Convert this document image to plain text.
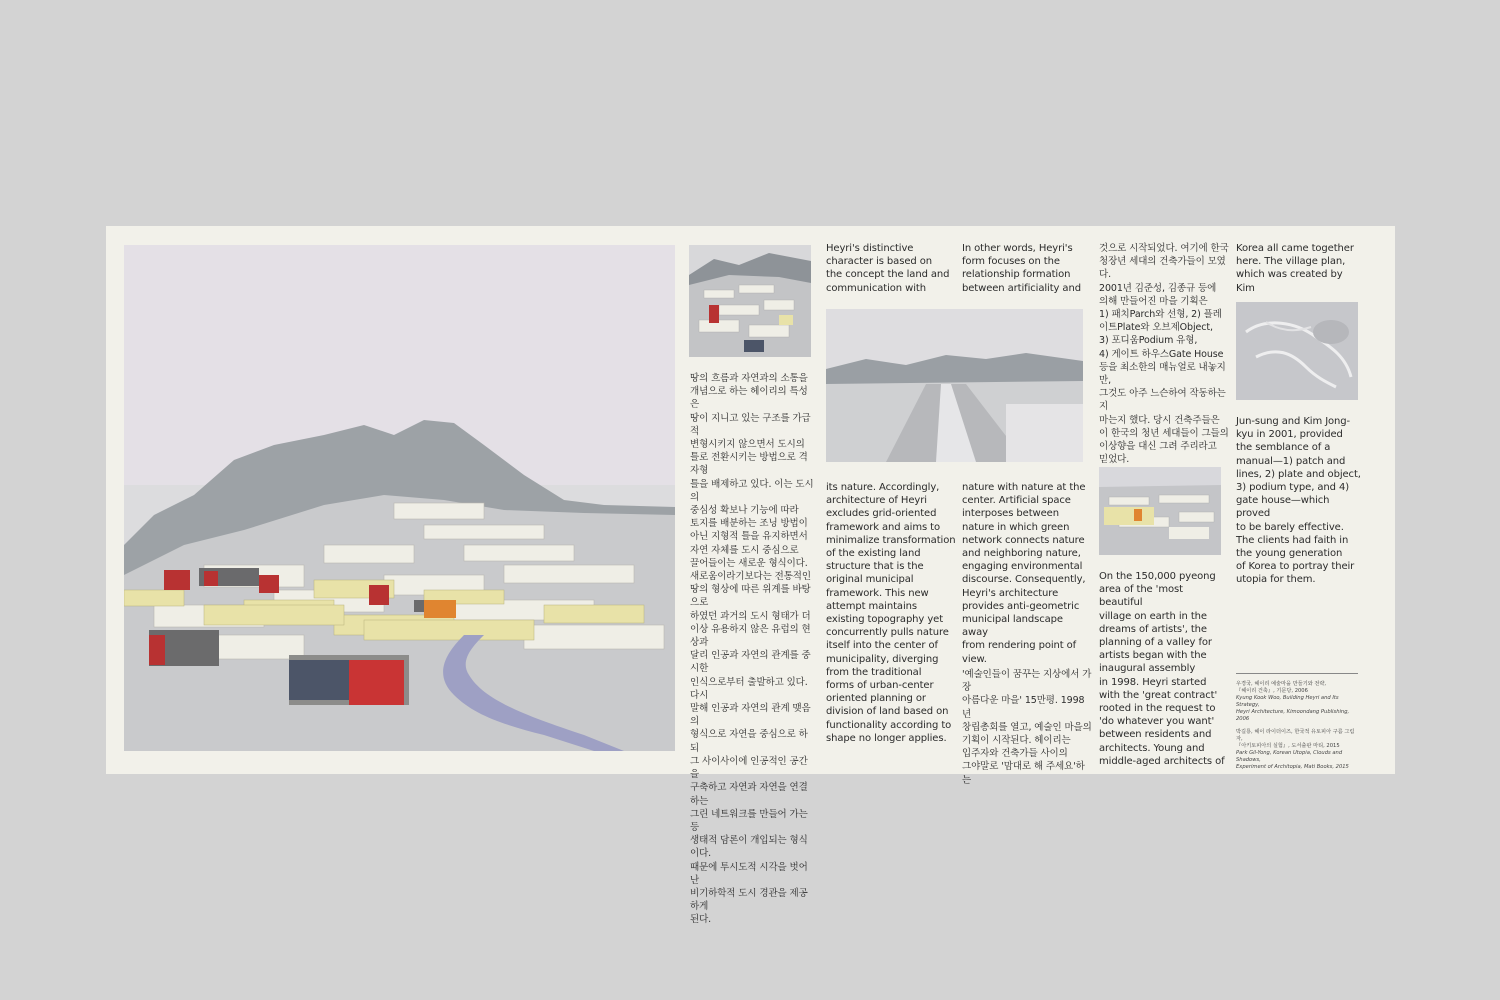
땅의 흐름과 자연과의 소통을
개념으로 하는 헤이리의 특성은
땅이 지니고 있는 구조를 가급적
변형시키지 않으면서 도시의
틀로 전환시키는 방법으로 격자형
틀을 배제하고 있다. 이는 도시의
중심성 확보나 기능에 따라
토지를 배분하는 조닝 방법이
아닌 지형적 틀을 유지하면서
자연 자체를 도시 중심으로
끌어들이는 새로운 형식이다.
새로움이라기보다는 전통적인
땅의 형상에 따른 위계를 바탕으로
하였던 과거의 도시 형태가 더
이상 유용하지 않은 유럽의 현상과
달리 인공과 자연의 관계를 중시한
인식으로부터 출발하고 있다. 다시
말해 인공과 자연의 관계 맺음의
형식으로 자연을 중심으로 하되
그 사이사이에 인공적인 공간을
구축하고 자연과 자연을 연결하는
그린 네트워크를 만들어 가는 등
생태적 담론이 개입되는 형식이다.
때문에 투시도적 시각을 벗어난
비기하학적 도시 경관을 제공하게
된다.
Heyri's distinctive
character is based on
the concept the land and
communication with
its nature. Accordingly,
architecture of Heyri
excludes grid-oriented
framework and aims to
minimalize transformation
of the existing land
structure that is the
original municipal
framework. This new
attempt maintains
existing topography yet
concurrently pulls nature
itself into the center of
municipality, diverging
from the traditional
forms of urban-center
oriented planning or
division of land based on
functionality according to
shape no longer applies.
In other words, Heyri's
form focuses on the
relationship formation
between artificiality and
nature with nature at the
center. Artificial space
interposes between
nature in which green
network connects nature
and neighboring nature,
engaging environmental
discourse. Consequently,
Heyri's architecture
provides anti-geometric
municipal landscape away
from rendering point of
view.
'예술인들이 꿈꾸는 지상에서 가장
아름다운 마을' 15만평. 1998년
창립총회를 열고, 예술인 마을의
기획이 시작된다. 헤이리는
입주자와 건축가들 사이의
그야말로 '맘대로 해 주세요'하는
것으로 시작되었다. 여기에 한국
청장년 세대의 건축가들이 모였다.
2001년 김준성, 김종규 등에
의해 만들어진 마을 기획은
1) 패치Parch와 선형, 2) 플레
이트Plate와 오브제Object,
3) 포디움Podium 유형,
4) 게이트 하우스Gate House
등을 최소한의 매뉴얼로 내놓지만,
그것도 아주 느슨하여 작동하는지
마는지 했다. 당시 건축주들은
이 한국의 청년 세대들이 그들의
이상향을 대신 그려 주리라고
믿었다.
On the 150,000 pyeong
area of the 'most beautiful
village on earth in the
dreams of artists', the
planning of a valley for
artists began with the
inaugural assembly
in 1998. Heyri started
with the 'great contract'
rooted in the request to
'do whatever you want'
between residents and
architects. Young and
middle-aged architects of
Korea all came together
here. The village plan,
which was created by Kim
Jun-sung and Kim Jong-
kyu in 2001, provided
the semblance of a
manual—1) patch and
lines, 2) plate and object,
3) podium type, and 4)
gate house—which proved
to be barely effective.
The clients had faith in
the young generation
of Korea to portray their
utopia for them.
우경국, 헤이리 예술마을 만들기와 전략,
『헤이리 건축』, 기문당, 2006
Kyung Kook Woo, Building Heyri and Its Strategy,
Heyri Architecture, Kimoondang Publishing, 2006
박길룡, 헤이 라이더이즈, 한국적 유토피아 구름 그림자,
『아키토피아의 실험』, 도서출판 마티, 2015
Park Gil-Yong, Korean Utopia, Clouds and Shadows,
Experiment of Architopia, Mati Books, 2015
